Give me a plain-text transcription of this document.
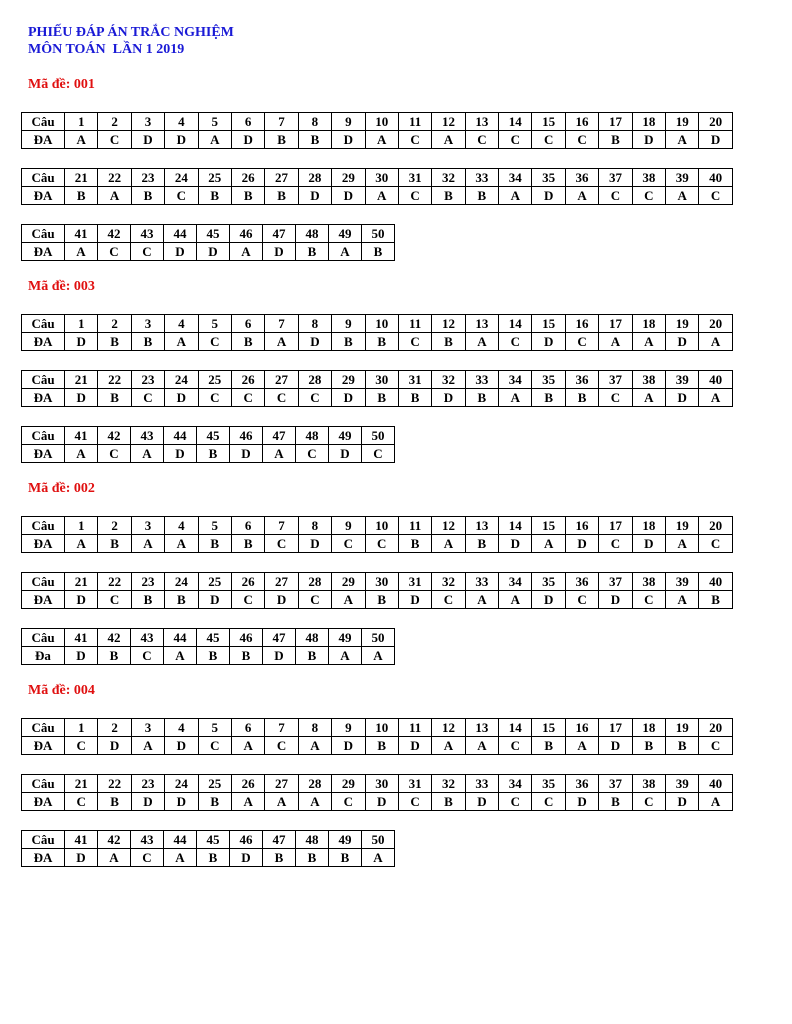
PHIẾU ĐÁP ÁN TRẮC NGHIỆM
MÔN TOÁN  LẦN 1 2019
Mã đề: 001
Câu	1	2	3	4	5	6	7	8	9	10	11	12	13	14	15	16	17	18	19	20
ĐA	A	C	D	D	A	D	B	B	D	A	C	A	C	C	C	C	B	D	A	D
Câu	21	22	23	24	25	26	27	28	29	30	31	32	33	34	35	36	37	38	39	40
ĐA	B	A	B	C	B	B	B	D	D	A	C	B	B	A	D	A	C	C	A	C
Câu	41	42	43	44	45	46	47	48	49	50
ĐA	A	C	C	D	D	A	D	B	A	B
Mã đề: 003
Câu	1	2	3	4	5	6	7	8	9	10	11	12	13	14	15	16	17	18	19	20
ĐA	D	B	B	A	C	B	A	D	B	B	C	B	A	C	D	C	A	A	D	A
Câu	21	22	23	24	25	26	27	28	29	30	31	32	33	34	35	36	37	38	39	40
ĐA	D	B	C	D	C	C	C	C	D	B	B	D	B	A	B	B	C	A	D	A
Câu	41	42	43	44	45	46	47	48	49	50
ĐA	A	C	A	D	B	D	A	C	D	C
Mã đề: 002
Câu	1	2	3	4	5	6	7	8	9	10	11	12	13	14	15	16	17	18	19	20
ĐA	A	B	A	A	B	B	C	D	C	C	B	A	B	D	A	D	C	D	A	C
Câu	21	22	23	24	25	26	27	28	29	30	31	32	33	34	35	36	37	38	39	40
ĐA	D	C	B	B	D	C	D	C	A	B	D	C	A	A	D	C	D	C	A	B
Câu	41	42	43	44	45	46	47	48	49	50
Đa	D	B	C	A	B	B	D	B	A	A
Mã đề: 004
Câu	1	2	3	4	5	6	7	8	9	10	11	12	13	14	15	16	17	18	19	20
ĐA	C	D	A	D	C	A	C	A	D	B	D	A	A	C	B	A	D	B	B	C
Câu	21	22	23	24	25	26	27	28	29	30	31	32	33	34	35	36	37	38	39	40
ĐA	C	B	D	D	B	A	A	A	C	D	C	B	D	C	C	D	B	C	D	A
Câu	41	42	43	44	45	46	47	48	49	50
ĐA	D	A	C	A	B	D	B	B	B	A
